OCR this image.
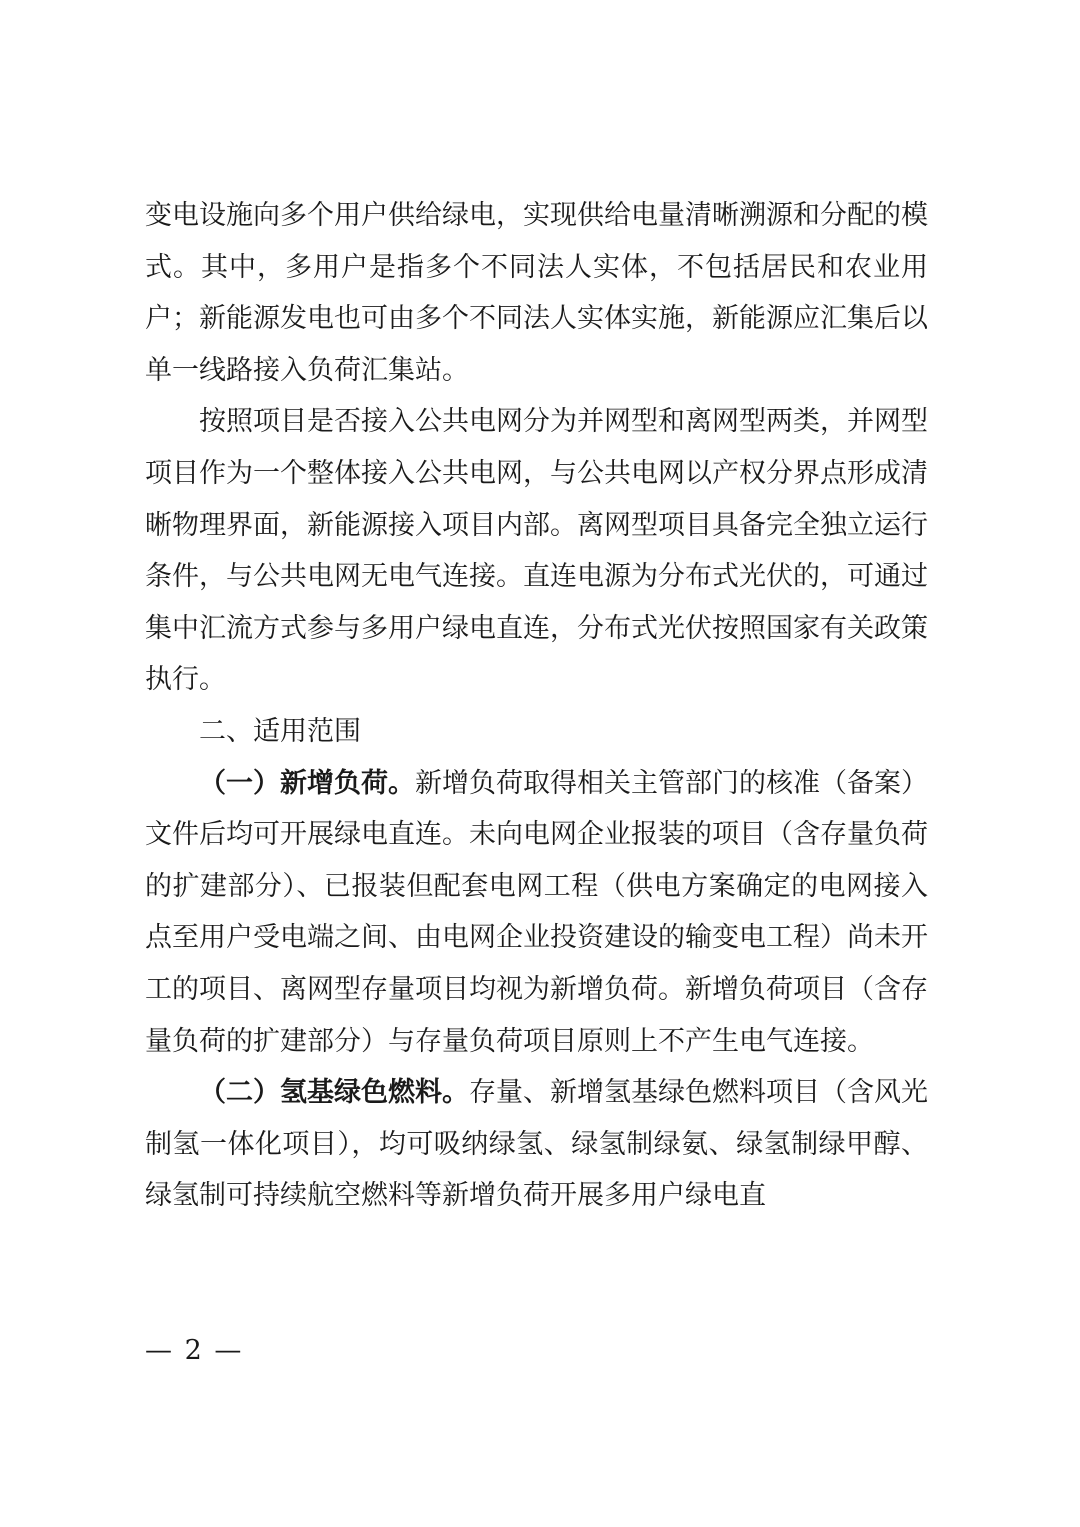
变电设施向多个用户供给绿电，实现供给电量清晰溯源和分配的模式。其中，多用户是指多个不同法人实体，不包括居民和农业用户；新能源发电也可由多个不同法人实体实施，新能源应汇集后以单一线路接入负荷汇集站。

按照项目是否接入公共电网分为并网型和离网型两类，并网型项目作为一个整体接入公共电网，与公共电网以产权分界点形成清晰物理界面，新能源接入项目内部。离网型项目具备完全独立运行条件，与公共电网无电气连接。直连电源为分布式光伏的，可通过集中汇流方式参与多用户绿电直连，分布式光伏按照国家有关政策执行。

二、适用范围

（一）新增负荷。新增负荷取得相关主管部门的核准（备案）文件后均可开展绿电直连。未向电网企业报装的项目（含存量负荷的扩建部分）、已报装但配套电网工程（供电方案确定的电网接入点至用户受电端之间、由电网企业投资建设的输变电工程）尚未开工的项目、离网型存量项目均视为新增负荷。新增负荷项目（含存量负荷的扩建部分）与存量负荷项目原则上不产生电气连接。

（二）氢基绿色燃料。存量、新增氢基绿色燃料项目（含风光制氢一体化项目），均可吸纳绿氢、绿氢制绿氨、绿氢制绿甲醇、绿氢制可持续航空燃料等新增负荷开展多用户绿电直

— 2 —
